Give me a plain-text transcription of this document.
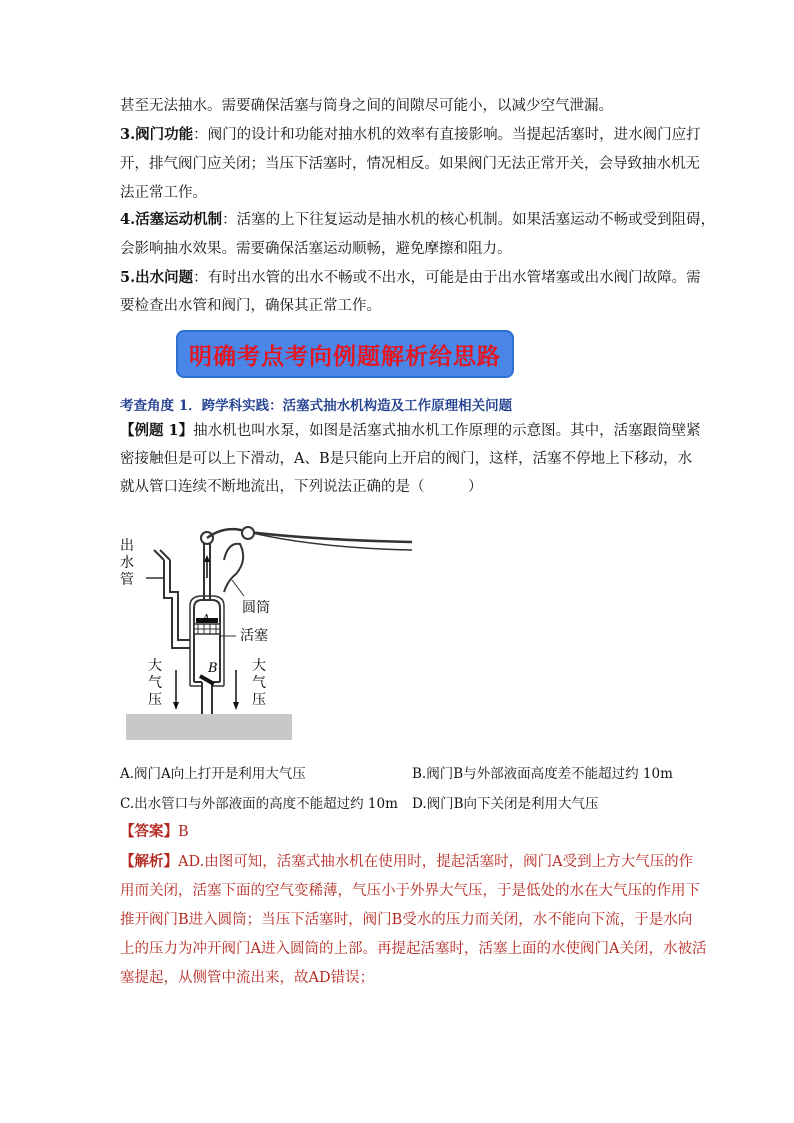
甚至无法抽水。需要确保活塞与筒身之间的间隙尽可能小，以减少空气泄漏。
3.阀门功能：阀门的设计和功能对抽水机的效率有直接影响。当提起活塞时，进水阀门应打
开，排气阀门应关闭；当压下活塞时，情况相反。如果阀门无法正常开关，会导致抽水机无
法正常工作。
4.活塞运动机制：活塞的上下往复运动是抽水机的核心机制。如果活塞运动不畅或受到阻碍，
会影响抽水效果。需要确保活塞运动顺畅，避免摩擦和阻力。
5.出水问题：有时出水管的出水不畅或不出水，可能是由于出水管堵塞或出水阀门故障。需
要检查出水管和阀门，确保其正常工作。
明确考点考向例题解析给思路
考查角度 1．跨学科实践：活塞式抽水机构造及工作原理相关问题
【例题 1】抽水机也叫水泵，如图是活塞式抽水机工作原理的示意图。其中，活塞跟筒壁紧
密接触但是可以上下滑动，A、B是只能向上开启的阀门，这样，活塞不停地上下移动，水
就从管口连续不断地流出，下列说法正确的是（　　　）
出
水
管
圆筒
活塞
A
B
大
气
压
大
气
压
A.阀门A向上打开是利用大气压	B.阀门B与外部液面高度差不能超过约 10m
C.出水管口与外部液面的高度不能超过约 10m D.阀门B向下关闭是利用大气压
【答案】B
【解析】AD.由图可知，活塞式抽水机在使用时，提起活塞时，阀门A受到上方大气压的作
用而关闭，活塞下面的空气变稀薄，气压小于外界大气压，于是低处的水在大气压的作用下
推开阀门B进入圆筒；当压下活塞时，阀门B受水的压力而关闭，水不能向下流，于是水向
上的压力为冲开阀门A进入圆筒的上部。再提起活塞时，活塞上面的水使阀门A关闭，水被活
塞提起，从侧管中流出来，故AD错误；
